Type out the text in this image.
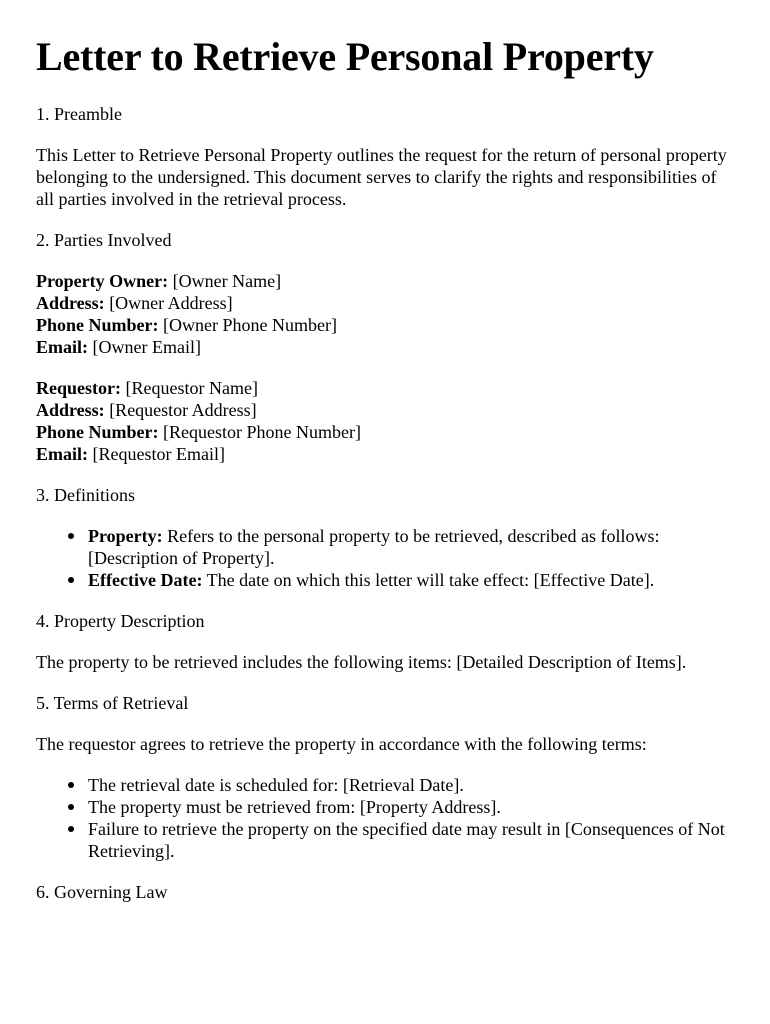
Letter to Retrieve Personal Property

1. Preamble

This Letter to Retrieve Personal Property outlines the request for the return of personal property belonging to the undersigned. This document serves to clarify the rights and responsibilities of all parties involved in the retrieval process.

2. Parties Involved

Property Owner: [Owner Name]

Address: [Owner Address]

Phone Number: [Owner Phone Number]

Email: [Owner Email]

Requestor: [Requestor Name]

Address: [Requestor Address]

Phone Number: [Requestor Phone Number]

Email: [Requestor Email]

3. Definitions

Property: Refers to the personal property to be retrieved, described as follows: [Description of Property].
Effective Date: The date on which this letter will take effect: [Effective Date].

4. Property Description

The property to be retrieved includes the following items: [Detailed Description of Items].

5. Terms of Retrieval

The requestor agrees to retrieve the property in accordance with the following terms:

The retrieval date is scheduled for: [Retrieval Date].
The property must be retrieved from: [Property Address].
Failure to retrieve the property on the specified date may result in [Consequences of Not Retrieving].

6. Governing Law
